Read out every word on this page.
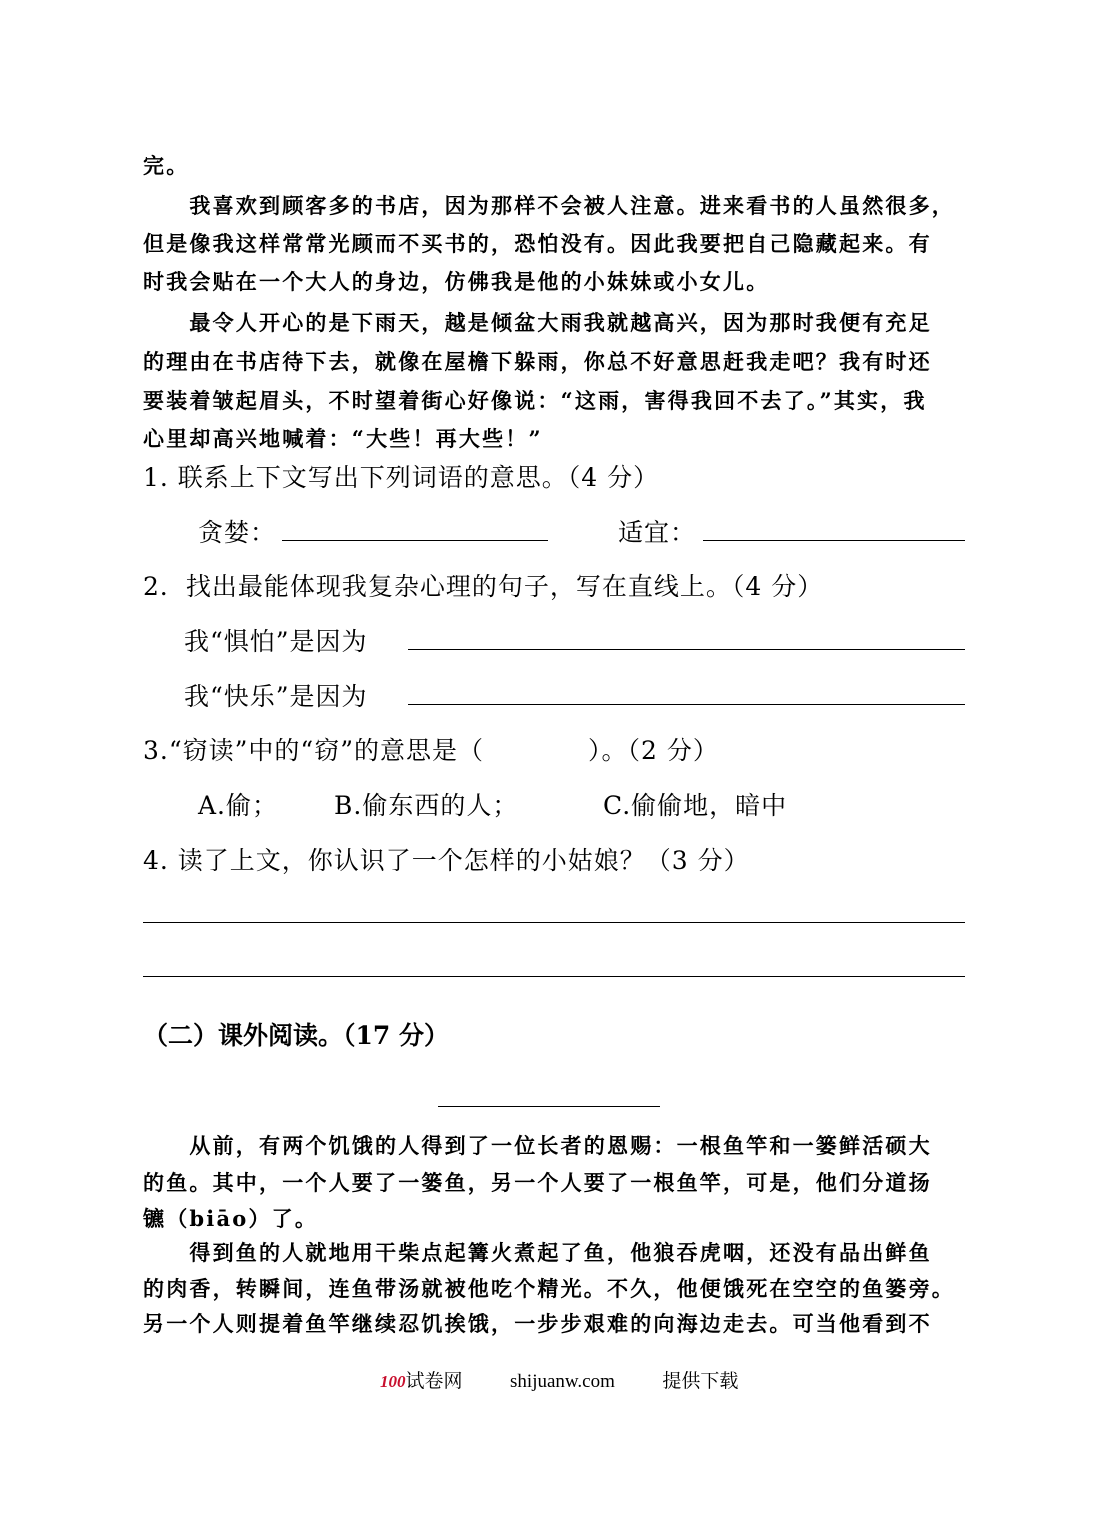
完。
　　我喜欢到顾客多的书店，因为那样不会被人注意。进来看书的人虽然很多，
但是像我这样常常光顾而不买书的，恐怕没有。因此我要把自己隐藏起来。有
时我会贴在一个大人的身边，仿佛我是他的小妹妹或小女儿。
　　最令人开心的是下雨天，越是倾盆大雨我就越高兴，因为那时我便有充足
的理由在书店待下去，就像在屋檐下躲雨，你总不好意思赶我走吧？我有时还
要装着皱起眉头，不时望着街心好像说：“这雨，害得我回不去了。”其实，我
心里却高兴地喊着：“大些！再大些！”
1. 联系上下文写出下列词语的意思。（4 分）
贪婪：	适宜：
2．找出最能体现我复杂心理的句子，写在直线上。（4 分）
我“惧怕”是因为
我“快乐”是因为
3.“窃读”中的“窃”的意思是（　　　　）。（2 分）
A.偷； B.偷东西的人；	C.偷偷地，暗中
4. 读了上文，你认识了一个怎样的小姑娘？（3 分）
（二）课外阅读。（17 分）
　　从前，有两个饥饿的人得到了一位长者的恩赐：一根鱼竿和一篓鲜活硕大
的鱼。其中，一个人要了一篓鱼，另一个人要了一根鱼竿，可是，他们分道扬
镳（biāo）了。
　　得到鱼的人就地用干柴点起篝火煮起了鱼，他狼吞虎咽，还没有品出鲜鱼
的肉香，转瞬间，连鱼带汤就被他吃个精光。不久，他便饿死在空空的鱼篓旁。
另一个人则提着鱼竿继续忍饥挨饿，一步步艰难的向海边走去。可当他看到不
100试卷网	shijuanw.com	提供下载
